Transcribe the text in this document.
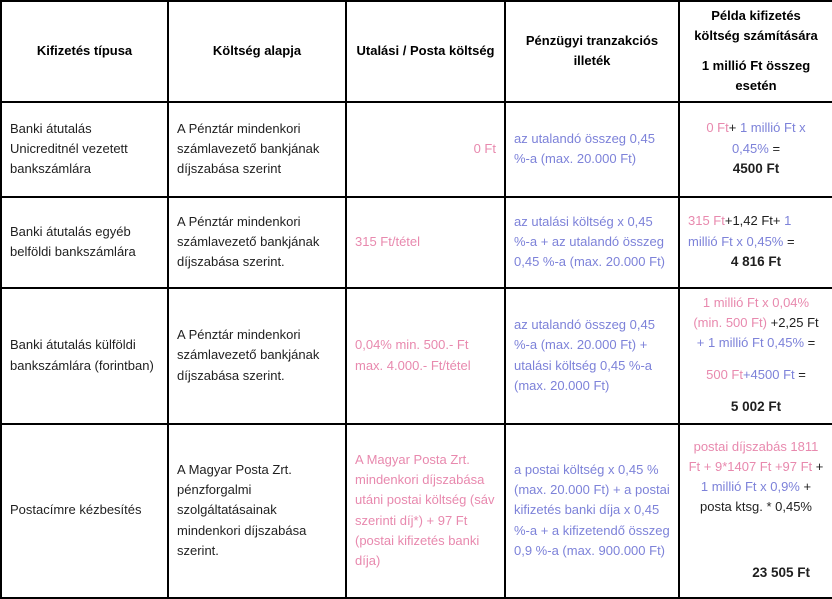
Kifizetés típusa	Költség alapja	Utalási / Posta költség	Pénzügyi tranzakciós illeték	Példa kifizetés költség számítására
1 millió Ft összeg esetén

Banki átutalás Unicreditnél vezetett bankszámlára	A Pénztár mindenkori számlavezető bankjának díjszabása szerint	0 Ft	az utalandó összeg 0,45 %-a (max. 20.000 Ft)	0 Ft+ 1 millió Ft x 0,45% =
4500 Ft

Banki átutalás egyéb belföldi bankszámlára	A Pénztár mindenkori számlavezető bankjának díjszabása szerint.	315 Ft/tétel	az utalási költség x 0,45 %-a + az utalandó összeg 0,45 %-a (max. 20.000 Ft)	315 Ft+1,42 Ft+ 1 millió Ft x 0,45% =
4 816 Ft

Banki átutalás külföldi bankszámlára (forintban)	A Pénztár mindenkori számlavezető bankjának díjszabása szerint.	0,04% min. 500.- Ft max. 4.000.- Ft/tétel	az utalandó összeg 0,45 %-a (max. 20.000 Ft) + utalási költség 0,45 %-a (max. 20.000 Ft)	1 millió Ft x 0,04% (min. 500 Ft) +2,25 Ft + 1 millió Ft 0,45% =
500 Ft+4500 Ft =
5 002 Ft

Postacímre kézbesítés	A Magyar Posta Zrt. pénzforgalmi szolgáltatásainak mindenkori díjszabása szerint.	A Magyar Posta Zrt. mindenkori díjszabása utáni postai költség (sáv szerinti díj*) + 97 Ft (postai kifizetés banki díja)	a postai költség x 0,45 % (max. 20.000 Ft) + a postai kifizetés banki díja x 0,45 %-a + a kifizetendő összeg 0,9 %-a (max. 900.000 Ft)	postai díjszabás 1811 Ft + 9*1407 Ft +97 Ft + 1 millió Ft x 0,9% + posta ktsg. * 0,45%
23 505 Ft
